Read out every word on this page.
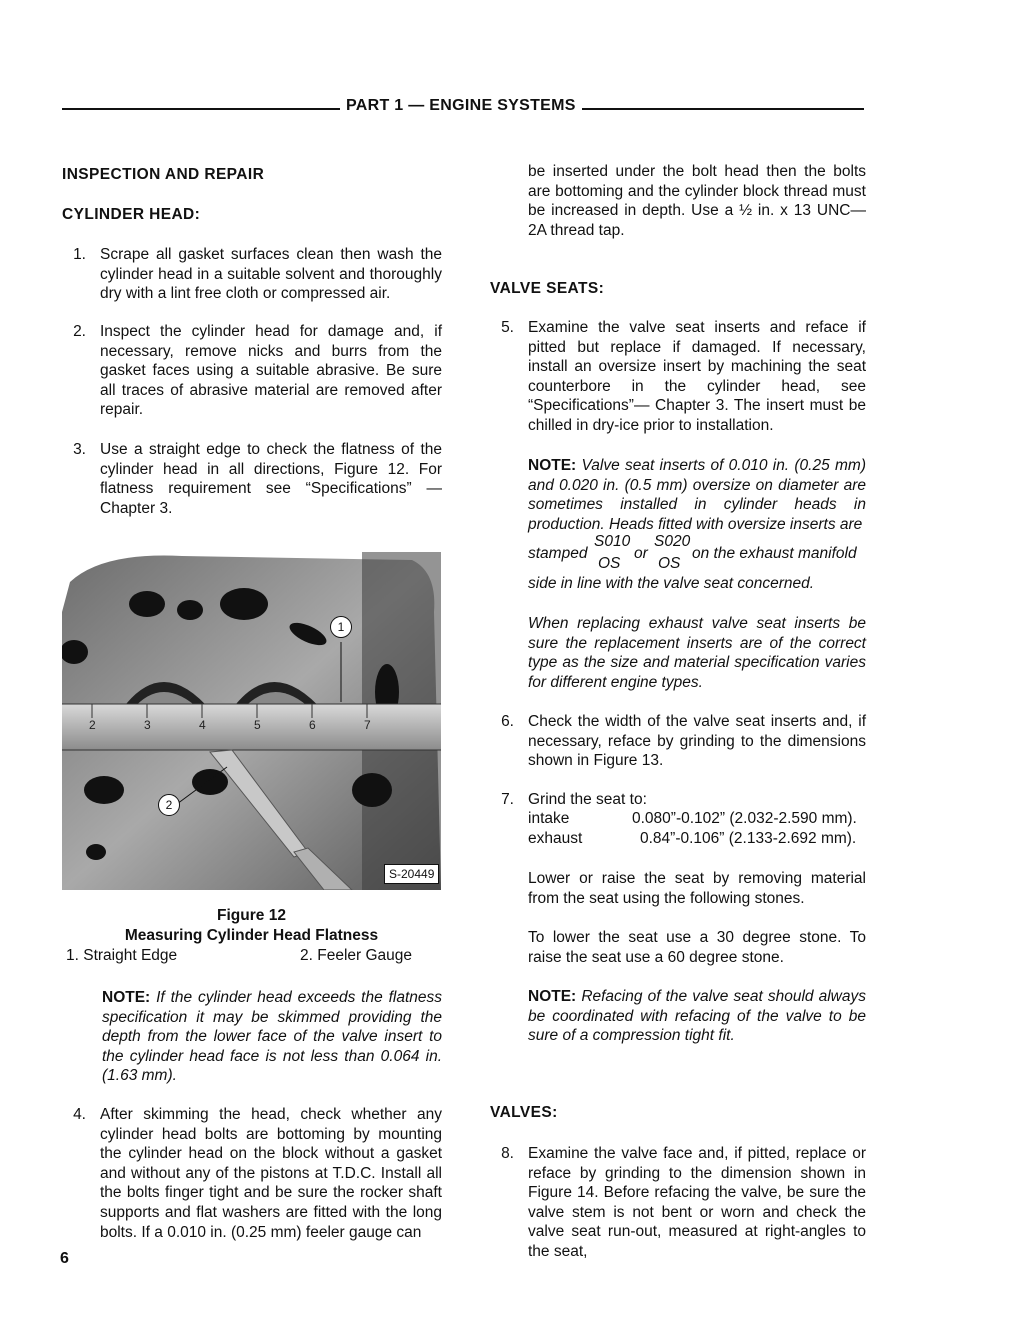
PART 1 — ENGINE SYSTEMS
INSPECTION AND REPAIR
CYLINDER HEAD:
1. Scrape all gasket surfaces clean then wash the cylinder head in a suitable solvent and thoroughly dry with a lint free cloth or compressed air.
2. Inspect the cylinder head for damage and, if necessary, remove nicks and burrs from the gasket faces using a suitable abrasive. Be sure all traces of abrasive material are removed after repair.
3. Use a straight edge to check the flatness of the cylinder head in all directions, Figure 12. For flatness requirement see “Specifications” — Chapter 3.
2	3	4	5	6	7
1
2
S-20449
Figure 12
Measuring Cylinder Head Flatness
1. Straight Edge	2. Feeler Gauge
NOTE: If the cylinder head exceeds the flatness specification it may be skimmed providing the depth from the lower face of the valve insert to the cylinder head face is not less than 0.064 in. (1.63 mm).
4. After skimming the head, check whether any cylinder head bolts are bottoming by mounting the cylinder head on the block without a gasket and without any of the pistons at T.D.C. Install all the bolts finger tight and be sure the rocker shaft supports and flat washers are fitted with the long bolts. If a 0.010 in. (0.25 mm) feeler gauge can
be inserted under the bolt head then the bolts are bottoming and the cylinder block thread must be increased in depth. Use a ½ in. x 13 UNC—2A thread tap.
VALVE SEATS:
5. Examine the valve seat inserts and reface if pitted but replace if damaged. If necessary, install an oversize insert by machining the seat counterbore in the cylinder head, see “Specifications”— Chapter 3. The insert must be chilled in dry-ice prior to installation.
NOTE: Valve seat inserts of 0.010 in. (0.25 mm) and 0.020 in. (0.5 mm) oversize on diameter are sometimes installed in cylinder heads in production. Heads fitted with oversize inserts are
stamped
S010
OS
or
S020
OS
on the exhaust manifold
side in line with the valve seat concerned.
When replacing exhaust valve seat inserts be sure the replacement inserts are of the correct type as the size and material specification varies for different engine types.
6. Check the width of the valve seat inserts and, if necessary, reface by grinding to the dimensions shown in Figure 13.
7. Grind the seat to:
intake	0.080”-0.102” (2.032-2.590 mm).
exhaust	0.84”-0.106” (2.133-2.692 mm).
Lower or raise the seat by removing material from the seat using the following stones.
To lower the seat use a 30 degree stone. To raise the seat use a 60 degree stone.
NOTE: Refacing of the valve seat should always be coordinated with refacing of the valve to be sure of a compression tight fit.
VALVES:
8. Examine the valve face and, if pitted, replace or reface by grinding to the dimension shown in Figure 14. Before refacing the valve, be sure the valve stem is not bent or worn and check the valve seat run-out, measured at right-angles to the seat,
6
